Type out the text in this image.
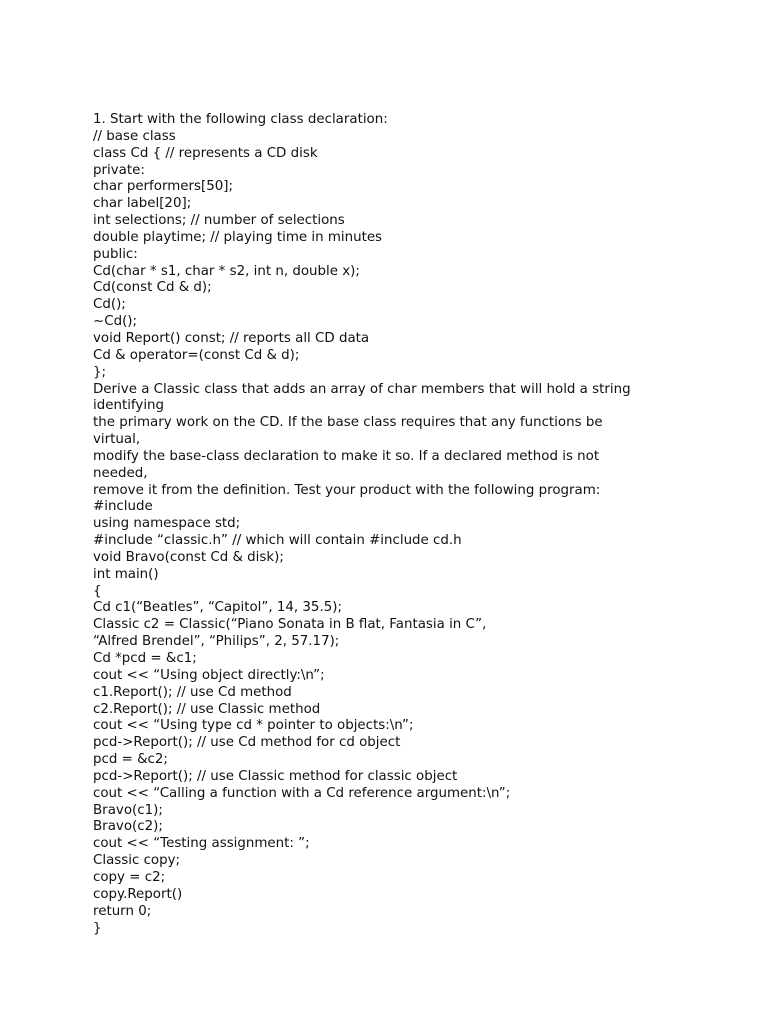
1. Start with the following class declaration:
// base class
class Cd { // represents a CD disk
private:
char performers[50];
char label[20];
int selections; // number of selections
double playtime; // playing time in minutes
public:
Cd(char * s1, char * s2, int n, double x);
Cd(const Cd & d);
Cd();
~Cd();
void Report() const; // reports all CD data
Cd & operator=(const Cd & d);
};
Derive a Classic class that adds an array of char members that will hold a string
identifying
the primary work on the CD. If the base class requires that any functions be
virtual,
modify the base-class declaration to make it so. If a declared method is not
needed,
remove it from the definition. Test your product with the following program:
#include
using namespace std;
#include “classic.h” // which will contain #include cd.h
void Bravo(const Cd & disk);
int main()
{
Cd c1(“Beatles”, “Capitol”, 14, 35.5);
Classic c2 = Classic(“Piano Sonata in B flat, Fantasia in C”,
“Alfred Brendel”, “Philips”, 2, 57.17);
Cd *pcd = &c1;
cout << “Using object directly:\n”;
c1.Report(); // use Cd method
c2.Report(); // use Classic method
cout << “Using type cd * pointer to objects:\n”;
pcd->Report(); // use Cd method for cd object
pcd = &c2;
pcd->Report(); // use Classic method for classic object
cout << “Calling a function with a Cd reference argument:\n”;
Bravo(c1);
Bravo(c2);
cout << “Testing assignment: ”;
Classic copy;
copy = c2;
copy.Report()
return 0;
}
